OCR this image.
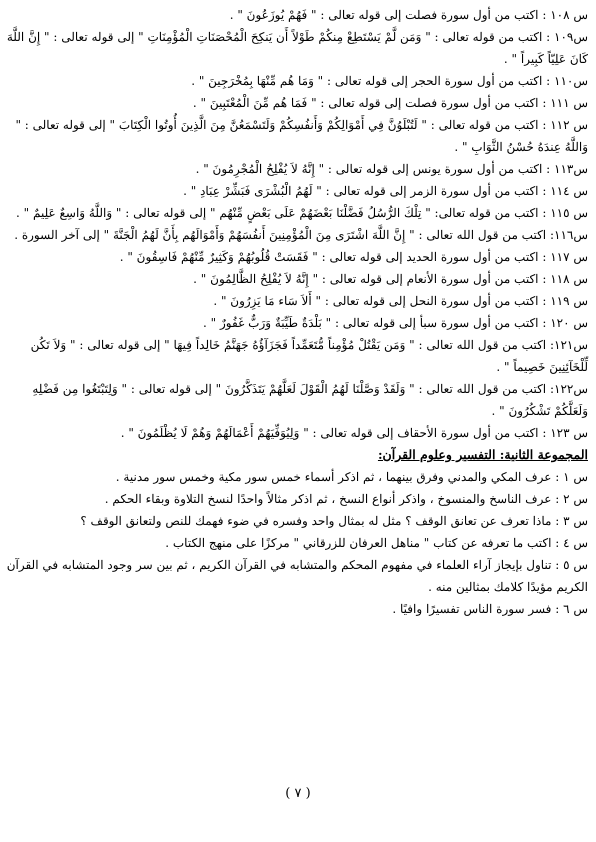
س ١٠٨ : اكتب من أول سورة فصلت إلى قوله تعالى : " فَهُمْ يُوزَعُونَ " .

س١٠٩ : اكتب من قوله تعالى : " وَمَن لَّمْ يَسْتَطِعْ مِنكُمْ طَوْلاً أَن يَنكِحَ الْمُحْصَنَاتِ الْمُؤْمِنَاتِ " إلى قوله تعالى : " إِنَّ اللَّهَ كَانَ عَلِيّاً كَبِيراً " .

س١١٠ : اكتب من أول سورة الحجر إلى قوله تعالى : " وَمَا هُم مِّنْهَا بِمُخْرَجِينَ " .

س ١١١ : اكتب من أول سورة فصلت إلى قوله تعالى : " فَمَا هُم مِّنَ الْمُعْتَبِينَ " .

س ١١٢ : اكتب من قوله تعالى : " لَتُبْلَوُنَّ فِي أَمْوَالِكُمْ وَأَنفُسِكُمْ وَلَتَسْمَعُنَّ مِنَ الَّذِينَ أُوتُوا الْكِتَابَ " إلى قوله تعالى : " وَاللَّهُ عِندَهُ حُسْنُ الثَّوَابِ " .

س١١٣ : اكتب من أول سورة يونس إلى قوله تعالى : " إِنَّهُ لاَ يُفْلِحُ الْمُجْرِمُونَ " .

س ١١٤ : اكتب من أول سورة الزمر إلى قوله تعالى : " لَهُمُ الْبُشْرَى فَبَشِّرْ عِبَادِ " .

س ١١٥ : اكتب من قوله تعالى: " تِلْكَ الرُّسُلُ فَضَّلْنَا بَعْضَهُمْ عَلَى بَعْضٍ مِّنْهُم " إلى قوله تعالى : " وَاللَّهُ وَاسِعٌ عَلِيمٌ " .

س١١٦: اكتب من قول الله تعالى : " إِنَّ اللَّهَ اشْتَرَى مِنَ الْمُؤْمِنِينَ أَنفُسَهُمْ وَأَمْوَالَهُم بِأَنَّ لَهُمُ الْجَنَّةَ " إلى آخر السورة .

س ١١٧ : اكتب من أول سورة الحديد إلى قوله تعالى : " فَقَسَتْ قُلُوبُهُمْ وَكَثِيرٌ مِّنْهُمْ فَاسِقُونَ " .

س ١١٨ : اكتب من أول سورة الأنعام إلى قوله تعالى : " إِنَّهُ لاَ يُفْلِحُ الظَّالِمُونَ " .

س ١١٩ : اكتب من أول سورة النحل إلى قوله تعالى : " أَلاَ سَاء مَا يَزِرُونَ " .

س ١٢٠ : اكتب من أول سورة سبأ إلى قوله تعالى : " بَلْدَةٌ طَيِّبَةٌ وَرَبٌّ غَفُورٌ " .

س١٢١: اكتب من قول الله تعالى : " وَمَن يَقْتُلْ مُؤْمِناً مُّتَعَمِّداً فَجَزَآؤُهُ جَهَنَّمُ خَالِداً فِيهَا " إلى قوله تعالى : " وَلاَ تَكُن لِّلْخَآئِنِينَ خَصِيماً " .

س١٢٢: اكتب من قول الله تعالى : " وَلَقَدْ وَصَّلْنَا لَهُمُ الْقَوْلَ لَعَلَّهُمْ يَتَذَكَّرُونَ " إلى قوله تعالى : " وَلِتَبْتَغُوا مِن فَضْلِهِ وَلَعَلَّكُمْ تَشْكُرُونَ " .

س ١٢٣ : اكتب من أول سورة الأحقاف إلى قوله تعالى : " وَلِيُوَفِّيَهُمْ أَعْمَالَهُمْ وَهُمْ لَا يُظْلَمُونَ " .

المجموعة الثانية: التفسير وعلوم القرآن:

س ١ : عرف المكي والمدني وفرق بينهما ، ثم اذكر أسماء خمس سور مكية وخمس سور مدنية .

س ٢ : عرف الناسخ والمنسوخ ، واذكر أنواع النسخ ، ثم اذكر مثالاً واحدًا لنسخ التلاوة وبقاء الحكم .

س ٣ : ماذا تعرف عن تعانق الوقف ؟ مثل له بمثال واحد وفسره في ضوء فهمك للنص ولتعانق الوقف ؟

س ٤ : اكتب ما تعرفه عن كتاب " مناهل العرفان للزرقاني " مركزًا على منهج الكتاب .

س ٥ : تناول بإيجاز آراء العلماء في مفهوم المحكم والمتشابه في القرآن الكريم ، ثم بين سر وجود المتشابه في القرآن الكريم مؤيدًا كلامك بمثالين منه .

س ٦ : فسر سورة الناس تفسيرًا وافيًا .

( ٧ )
